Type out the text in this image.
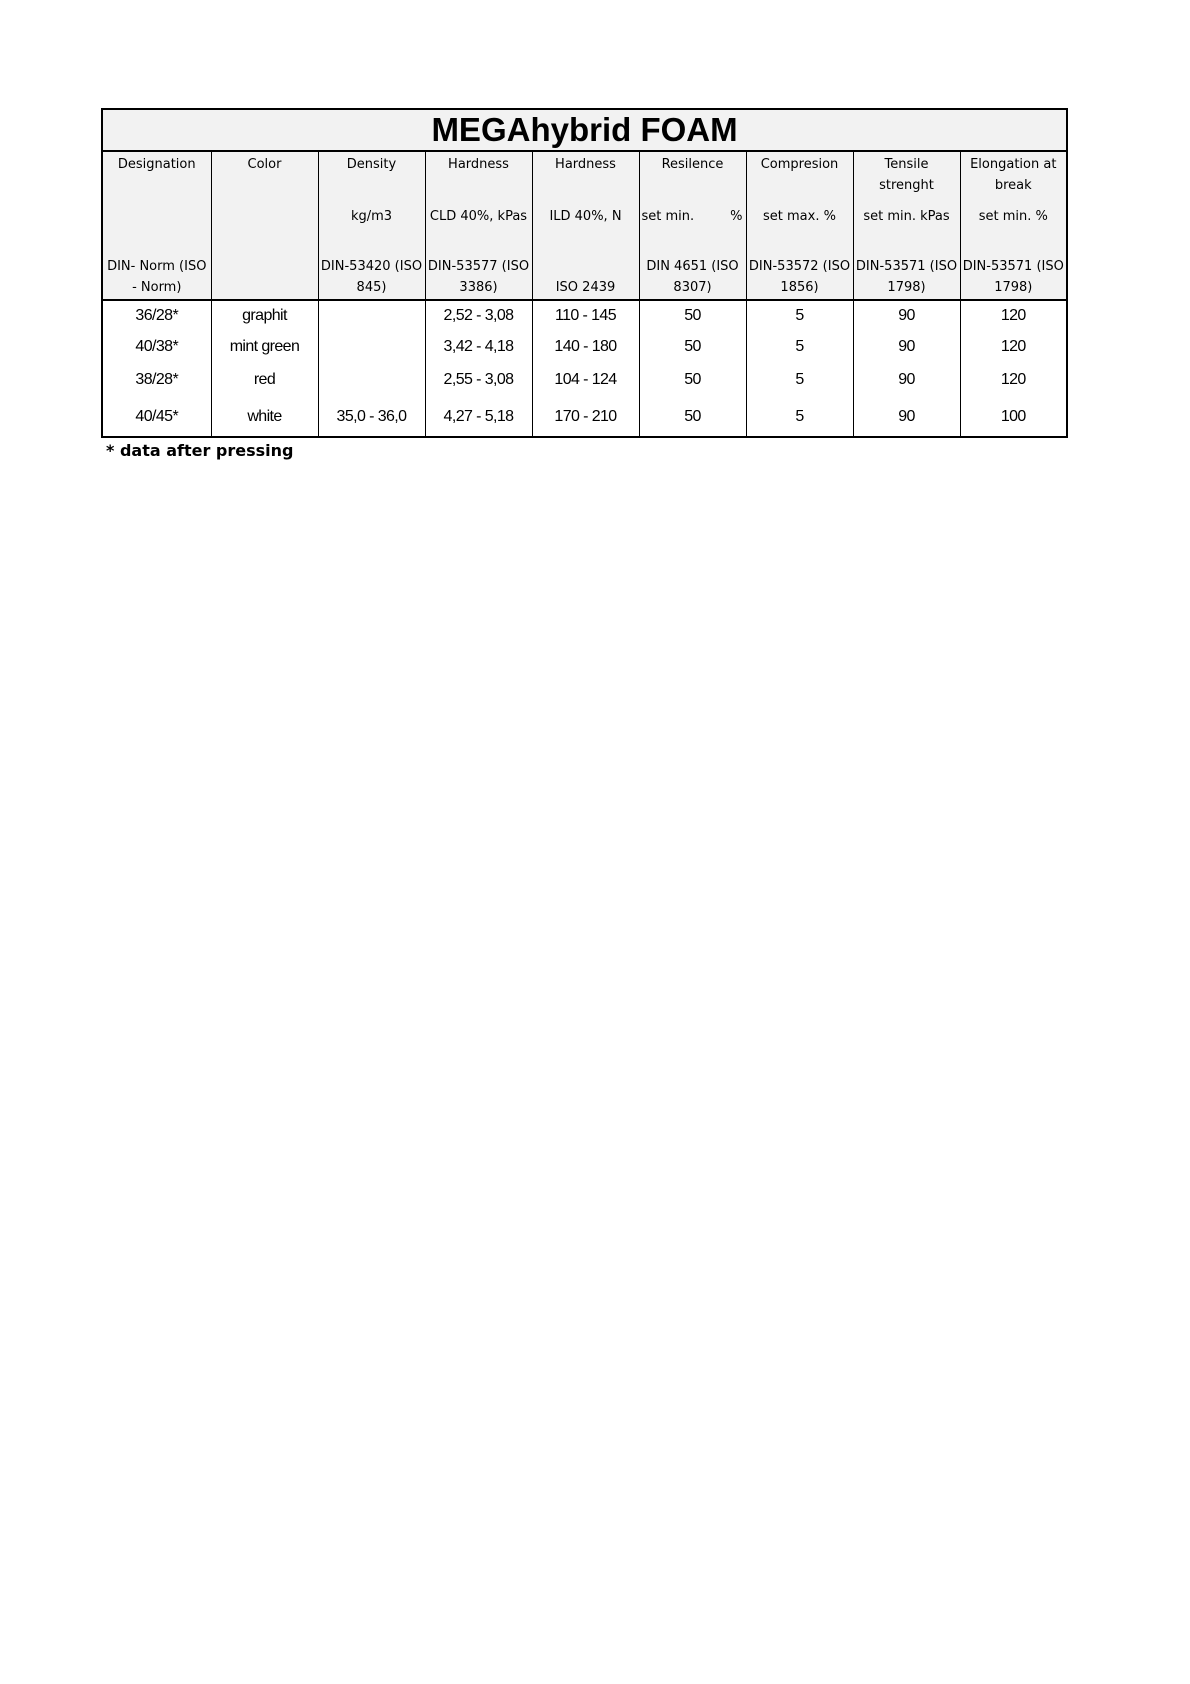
MEGAhybrid FOAM								
Designation	Color	Density	Hardness	Hardness	Resilence	Compresion	Tensile strenght	Elongation at break
		kg/m3	CLD 40%, kPas	ILD 40%, N	set min. %	set max. %	set min. kPas	set min. %
DIN- Norm (ISO - Norm)		DIN-53420 (ISO 845)	DIN-53577 (ISO 3386)	ISO 2439	DIN 4651 (ISO 8307)	DIN-53572 (ISO 1856)	DIN-53571 (ISO 1798)	DIN-53571 (ISO 1798)
36/28*	graphit		2,52 - 3,08	110 - 145	50	5	90	120
40/38*	mint green		3,42 - 4,18	140 - 180	50	5	90	120
38/28*	red		2,55 - 3,08	104 - 124	50	5	90	120
40/45*	white	35,0 - 36,0	4,27 - 5,18	170 - 210	50	5	90	100
* data after pressing
